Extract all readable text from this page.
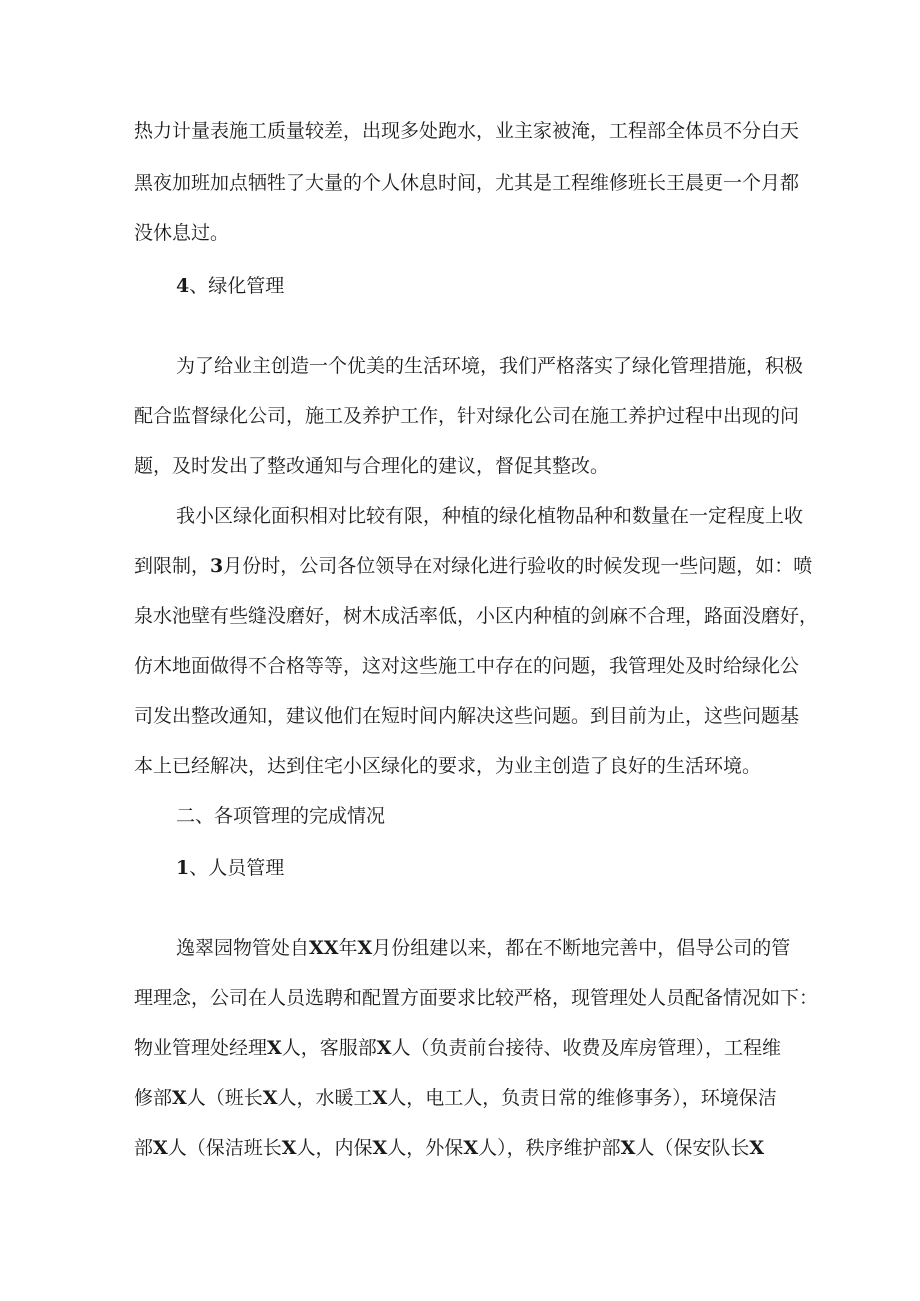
热力计量表施工质量较差，出现多处跑水，业主家被淹，工程部全体员不分白天
黑夜加班加点牺牲了大量的个人休息时间，尤其是工程维修班长王晨更一个月都
没休息过。
4、绿化管理
为了给业主创造一个优美的生活环境，我们严格落实了绿化管理措施，积极
配合监督绿化公司，施工及养护工作，针对绿化公司在施工养护过程中出现的问
题，及时发出了整改通知与合理化的建议，督促其整改。
我小区绿化面积相对比较有限，种植的绿化植物品种和数量在一定程度上收
到限制，3月份时，公司各位领导在对绿化进行验收的时候发现一些问题，如：喷
泉水池壁有些缝没磨好，树木成活率低，小区内种植的剑麻不合理，路面没磨好，
仿木地面做得不合格等等，这对这些施工中存在的问题，我管理处及时给绿化公
司发出整改通知，建议他们在短时间内解决这些问题。到目前为止，这些问题基
本上已经解决，达到住宅小区绿化的要求，为业主创造了良好的生活环境。
二、各项管理的完成情况
1、人员管理
逸翠园物管处自XX年X月份组建以来，都在不断地完善中，倡导公司的管
理理念，公司在人员选聘和配置方面要求比较严格，现管理处人员配备情况如下：
物业管理处经理X人，客服部X人（负责前台接待、收费及库房管理），工程维
修部X人（班长X人，水暖工X人，电工人，负责日常的维修事务），环境保洁
部X人（保洁班长X人，内保X人，外保X人），秩序维护部X人（保安队长X
